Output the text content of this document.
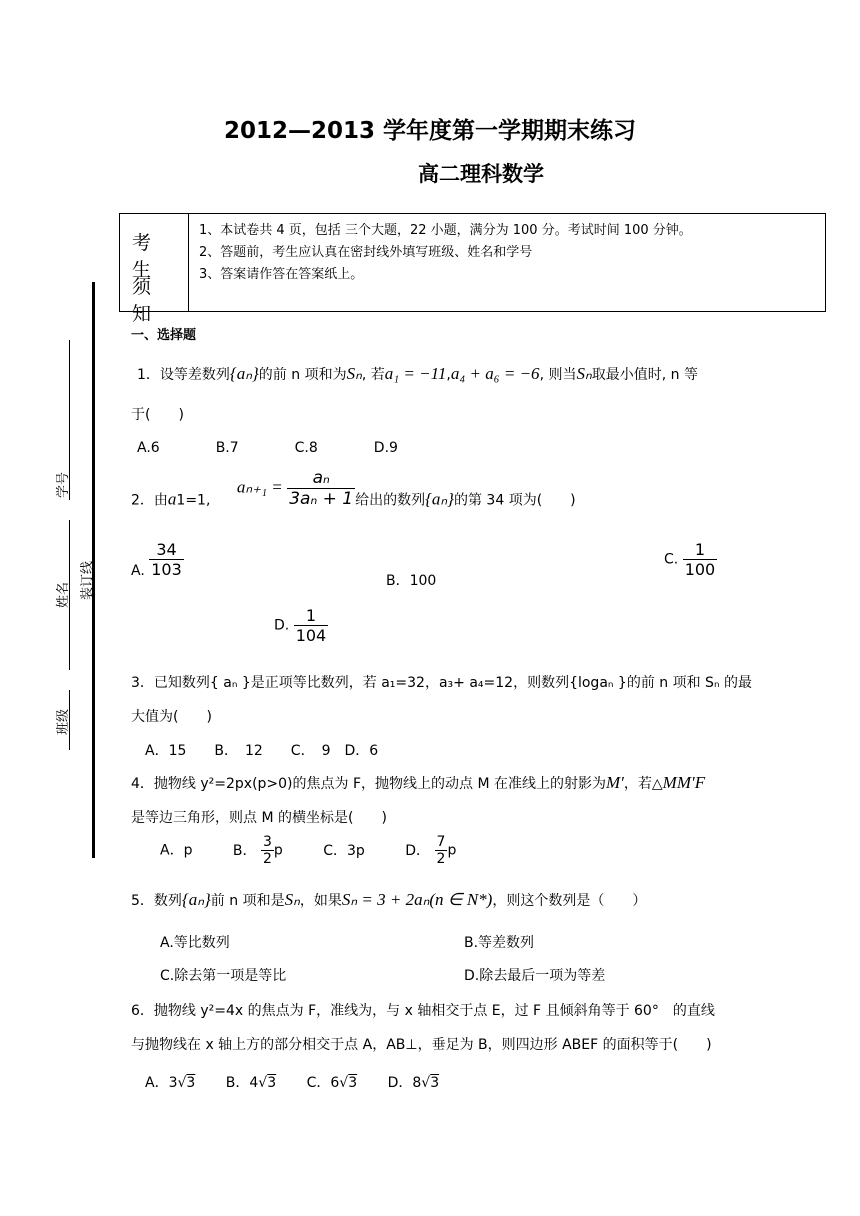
2012—2013 学年度第一学期期末练习
高二理科数学
考 生
须 知
1、本试卷共 4 页，包括 三个大题，22 小题，满分为 100 分。考试时间 100 分钟。
2、答题前，考生应认真在密封线外填写班级、姓名和学号
3、答案请作答在答案纸上。
学号
姓名 装订线
班级
一、选择题
1．设等差数列{aₙ}的前 n 项和为Sₙ, 若a₁ = −11,a₄ + a₆ = −6, 则当Sₙ取最小值时, n 等
于(　　)
A.6　　　　B.7　　　　C.8　　　　D.9
2．由a1=1, $a_{n+1} = \frac{\text{aₙ}}{\text{3aₙ + 1}}$ 给出的数列{aₙ}的第 34 项为(　　)
A. $\frac{34}{103}$
B．100
C. $\frac{1}{100}$
D. $\frac{1}{104}$
3．已知数列{ aₙ }是正项等比数列，若 a₁=32，a₃+ a₄=12，则数列{logaₙ }的前 n 项和 Sₙ 的最
大值为(　　)
A．15　　B．　12　　C．　9　D．6
4．抛物线 y²=2px(p>0)的焦点为 F，抛物线上的动点 M 在准线上的射影为M′，若△MM′F
是等边三角形，则点 M 的横坐标是(　　)
A．p	B． $\frac{3}{2}$ p	C．3p	D． $\frac{7}{2}$ p
5．数列{aₙ}前 n 项和是Sₙ，如果Sₙ = 3 + 2aₙ(n ∈ N*)，则这个数列是（　　）
A.等比数列	B.等差数列
C.除去第一项是等比	D.除去最后一项为等差
6．抛物线 y²=4x 的焦点为 F，准线为，与 x 轴相交于点 E，过 F 且倾斜角等于 60°　的直线
与抛物线在 x 轴上方的部分相交于点 A，AB⊥，垂足为 B，则四边形 ABEF 的面积等于(　　)
A．3√3 B．4√3 C．6√3 D．8√3
